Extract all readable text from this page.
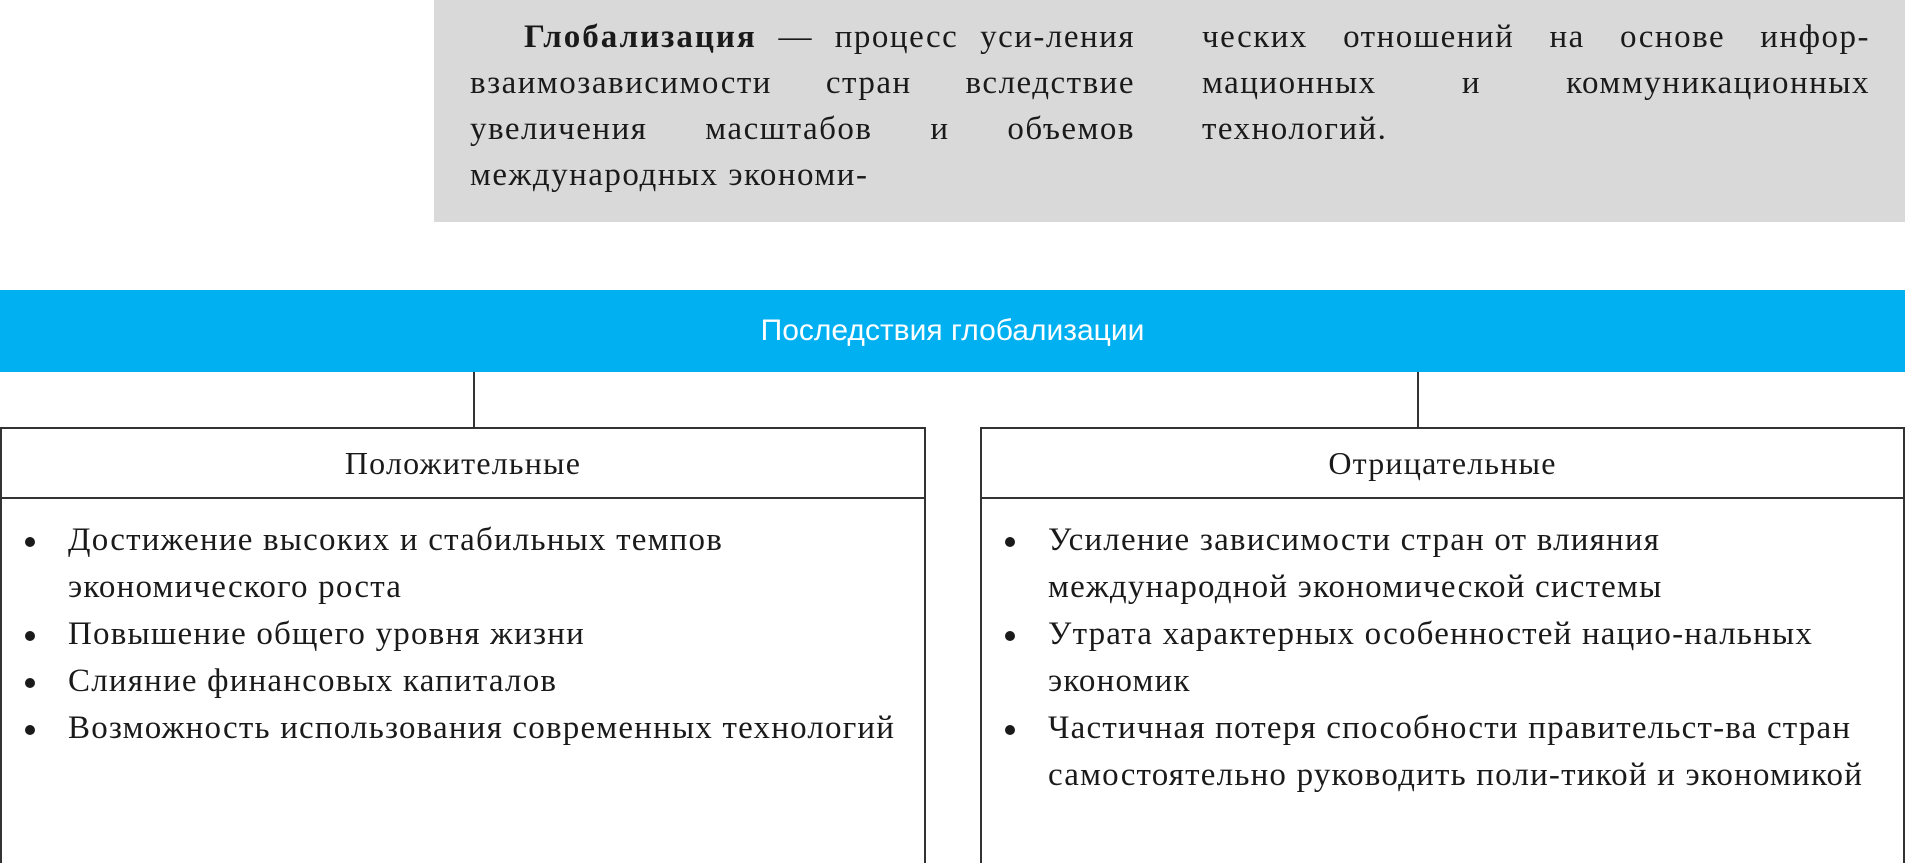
Глобализация — процесс уси-ления взаимозависимости стран вследствие увеличения масштабов и объемов международных экономи-
ческих отношений на основе инфор-мационных и коммуникационных технологий.
Последствия глобализации
Положительные
Достижение высоких и стабильных темпов экономического роста
Повышение общего уровня жизни
Слияние финансовых капиталов
Возможность использования современных технологий
Отрицательные
Усиление зависимости стран от влияния международной экономической системы
Утрата характерных особенностей нацио-нальных экономик
Частичная потеря способности правительст-ва стран самостоятельно руководить поли-тикой и экономикой
